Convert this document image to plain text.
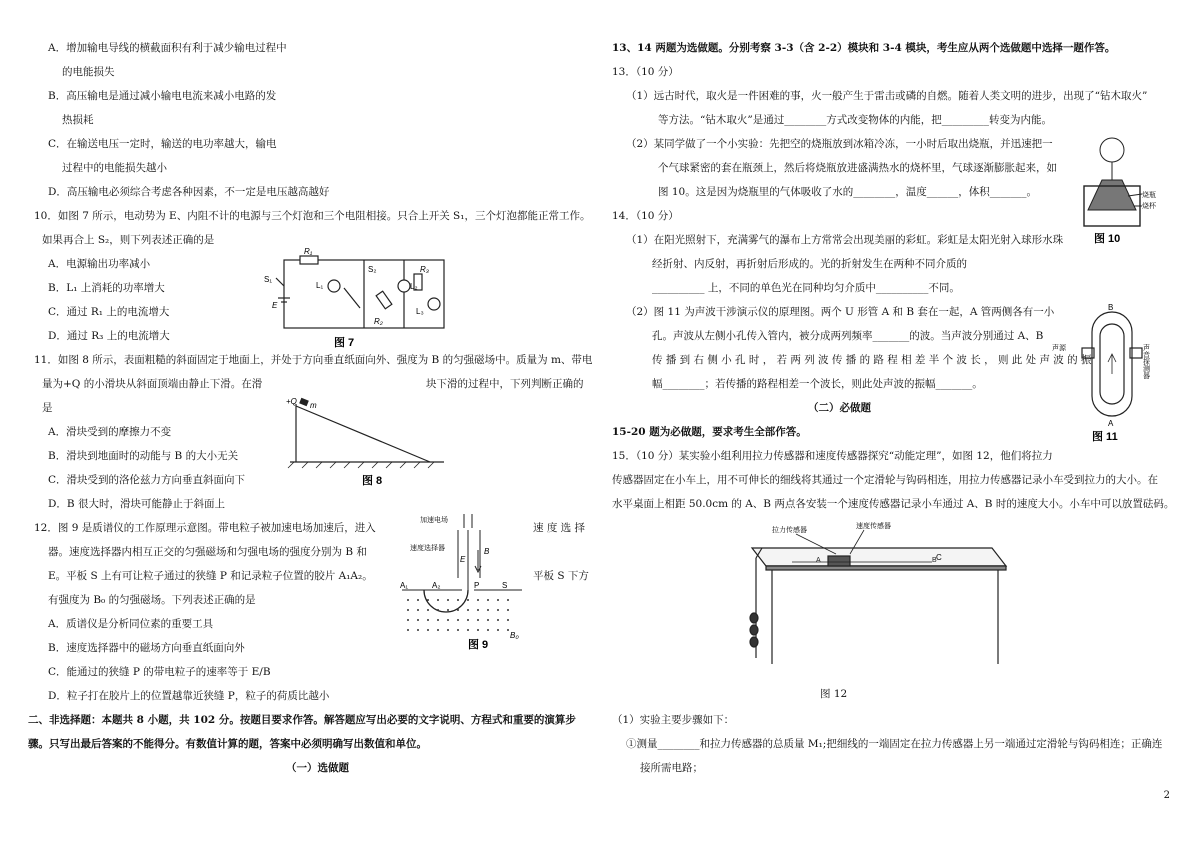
A．增加输电导线的横截面积有利于减少输电过程中
的电能损失
B．高压输电是通过减小输电电流来减小电路的发
热损耗
C．在输送电压一定时，输送的电功率越大，输电
过程中的电能损失越小
D．高压输电必须综合考虑各种因素，不一定是电压越高越好
10．如图 7 所示，电动势为 E、内阻不计的电源与三个灯泡和三个电阻相接。只合上开关 S₁，三个灯泡都能正常工作。
如果再合上 S₂，则下列表述正确的是
A．电源输出功率减小
B．L₁ 上消耗的功率增大
C．通过 R₁ 上的电流增大
D．通过 R₃ 上的电流增大
S₁
E
R₁
S₂
R₂
R₃
L₁	L₂
L₃
图 7
11．如图 8 所示，表面粗糙的斜面固定于地面上，并处于方向垂直纸面向外、强度为 B 的匀强磁场中。质量为 m、带电
量为+Q 的小滑块从斜面顶端由静止下滑。在滑	块下滑的过程中，下列判断正确的
是
A．滑块受到的摩擦力不变
B．滑块到地面时的动能与 B 的大小无关
C．滑块受到的洛伦兹力方向垂直斜面向下
D．B 很大时，滑块可能静止于斜面上
+Q m
图 8
12．图 9 是质谱仪的工作原理示意图。带电粒子被加速电场加速后，进入	速 度 选 择
器。速度选择器内相互正交的匀强磁场和匀强电场的强度分别为 B 和
E。平板 S 上有可让粒子通过的狭缝 P 和记录粒子位置的胶片 A₁A₂。	平板 S 下方
有强度为 B₀ 的匀强磁场。下列表述正确的是
A．质谱仪是分析同位素的重要工具
B．速度选择器中的磁场方向垂直纸面向外
C．能通过的狭缝 P 的带电粒子的速率等于 E/B
D．粒子打在胶片上的位置越靠近狭缝 P，粒子的荷质比越小
加速电场
速度选择器
E
B
A₁	A₂	P	S
B₀
图 9
二、非选择题：本题共 8 小题，共 102 分。按题目要求作答。解答题应写出必要的文字说明、方程式和重要的演算步
骤。只写出最后答案的不能得分。有数值计算的题，答案中必须明确写出数值和单位。
（一）选做题
13、14 两题为选做题。分别考察 3-3（含 2-2）模块和 3-4 模块，考生应从两个选做题中选择一题作答。
13．（10 分）
（1）远古时代，取火是一件困难的事，火一般产生于雷击或磷的自燃。随着人类文明的进步，出现了“钻木取火”
等方法。“钻木取火”是通过________方式改变物体的内能，把_________转变为内能。
（2）某同学做了一个小实验：先把空的烧瓶放到冰箱冷冻，一小时后取出烧瓶，并迅速把一
个气球紧密的套在瓶颈上，然后将烧瓶放进盛满热水的烧杯里，气球逐渐膨胀起来，如
图 10。这是因为烧瓶里的气体吸收了水的________，温度______，体积_______。	烧瓶
烧杯
图 10
14．（10 分）
（1）在阳光照射下，充满雾气的瀑布上方常常会出现美丽的彩虹。彩虹是太阳光射入球形水珠
经折射、内反射，再折射后形成的。光的折射发生在两种不同介质的
__________ 上，不同的单色光在同种均匀介质中__________不同。
（2）图 11 为声波干涉演示仪的原理图。两个 U 形管 A 和 B 套在一起，A 管两侧各有一小
孔。声波从左侧小孔传入管内，被分成两列频率_______的波。当声波分别通过 A、B
传 播 到 右 侧 小 孔 时 ， 若 两 列 波 传 播 的 路 程 相 差 半 个 波 长 ， 则 此 处 声 波 的 振
幅________；若传播的路程相差一个波长，则此处声波的振幅_______。
声源	声音探测器
A
B
图 11
（二）必做题
15-20 题为必做题，要求考生全部作答。
15．（10 分）某实验小组利用拉力传感器和速度传感器探究“动能定理”，如图 12，他们将拉力
传感器固定在小车上，用不可伸长的细线将其通过一个定滑轮与钩码相连，用拉力传感器记录小车受到拉力的大小。在
水平桌面上相距 50.0cm 的 A、B 两点各安装一个速度传感器记录小车通过 A、B 时的速度大小。小车中可以放置砝码。
A	B
拉力传感器
速度传感器
C
图 12
（1）实验主要步骤如下：
①测量________和拉力传感器的总质量 M₁;把细线的一端固定在拉力传感器上另一端通过定滑轮与钩码相连；正确连
接所需电路；
2
